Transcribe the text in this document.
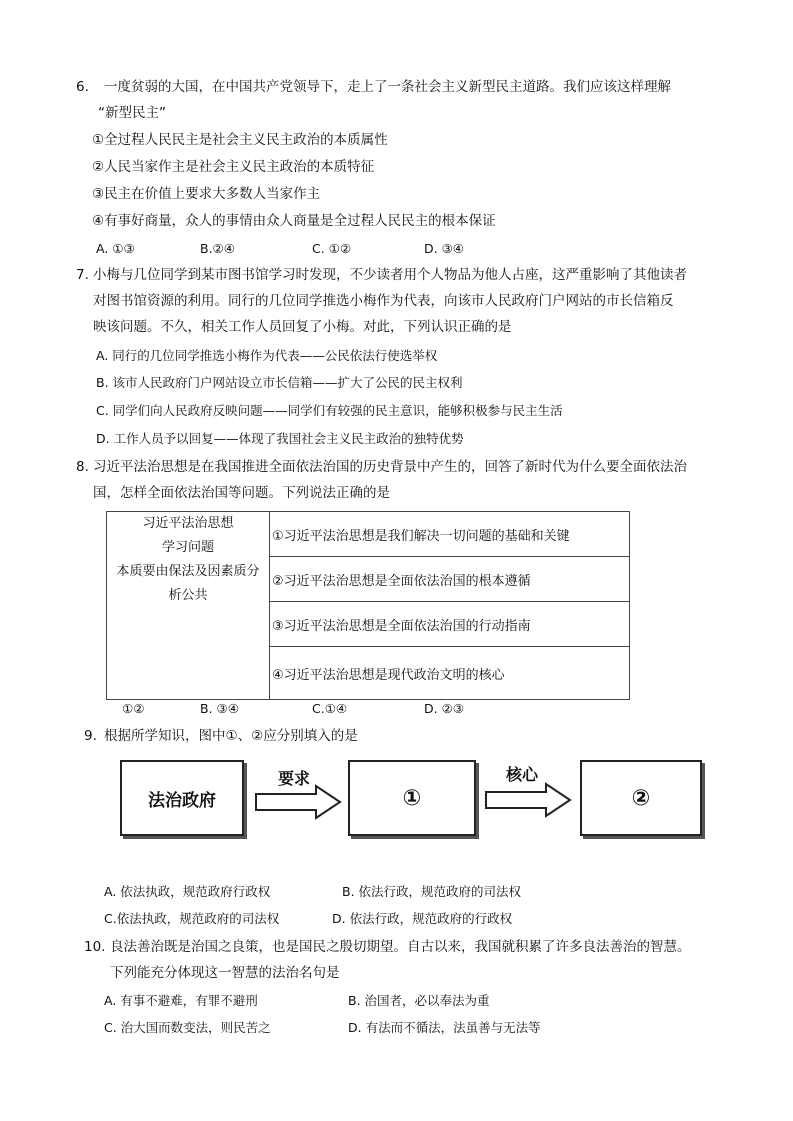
6. 一度贫弱的大国，在中国共产党领导下，走上了一条社会主义新型民主道路。我们应该这样理解
“新型民主”
①全过程人民民主是社会主义民主政治的本质属性
②人民当家作主是社会主义民主政治的本质特征
③民主在价值上要求大多数人当家作主
④有事好商量，众人的事情由众人商量是全过程人民民主的根本保证
A. ①③	B.②④	C. ①②	D. ③④
7. 小梅与几位同学到某市图书馆学习时发现，不少读者用个人物品为他人占座，这严重影响了其他读者
对图书馆资源的利用。同行的几位同学推选小梅作为代表，向该市人民政府门户网站的市长信箱反
映该问题。不久，相关工作人员回复了小梅。对此，下列认识正确的是
A. 同行的几位同学推选小梅作为代表——公民依法行使选举权
B. 该市人民政府门户网站设立市长信箱——扩大了公民的民主权利
C. 同学们向人民政府反映问题——同学们有较强的民主意识，能够积极参与民主生活
D. 工作人员予以回复——体现了我国社会主义民主政治的独特优势
8. 习近平法治思想是在我国推进全面依法治国的历史背景中产生的，回答了新时代为什么要全面依法治
国，怎样全面依法治国等问题。下列说法正确的是
习近平法治思想
学习问题
本质要由保法及因素质分
析公共
	①习近平法治思想是我们解决一切问题的基础和关键
②习近平法治思想是全面依法治国的根本遵循
③习近平法治思想是全面依法治国的行动指南
④习近平法治思想是现代政治文明的核心
①②	B. ③④	C.①④	D. ②③
9. 根据所学知识，图中①、②应分别填入的是
法治政府
要求
①
核心
②
A. 依法执政，规范政府行政权	B. 依法行政，规范政府的司法权
C.依法执政，规范政府的司法权	D. 依法行政，规范政府的行政权
10. 良法善治既是治国之良策，也是国民之殷切期望。自古以来，我国就积累了许多良法善治的智慧。
下列能充分体现这一智慧的法治名句是
A. 有事不避难，有罪不避刑	B. 治国者，必以奉法为重
C. 治大国而数变法，则民苦之	D. 有法而不循法，法虽善与无法等
